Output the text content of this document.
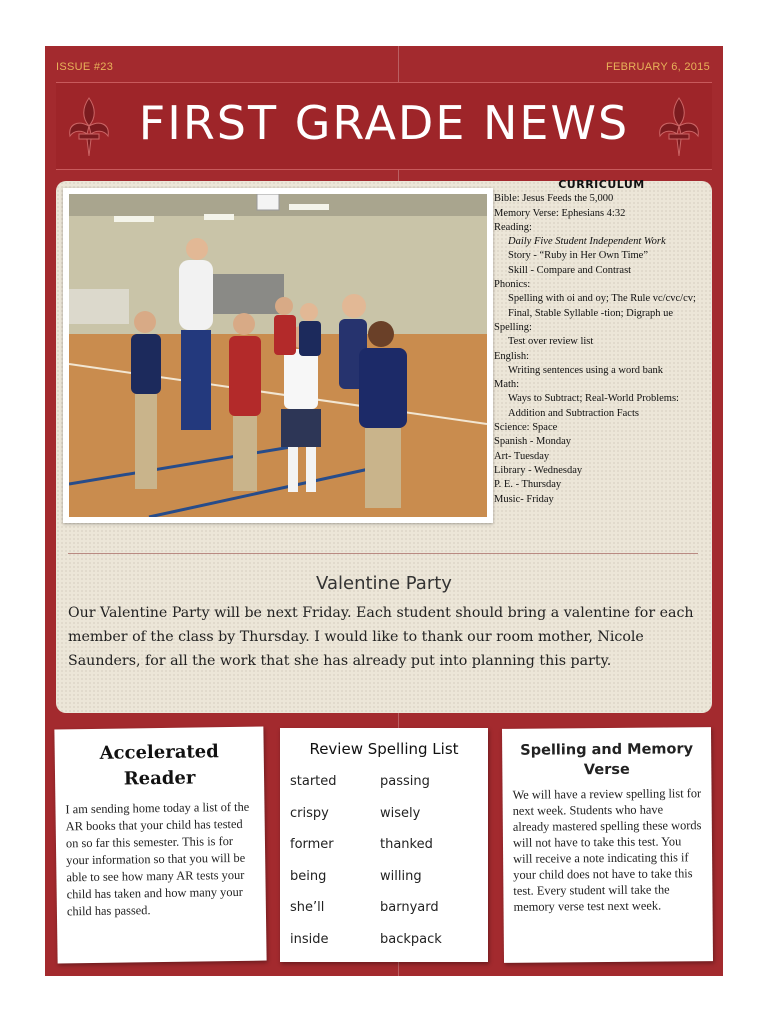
ISSUE #23	FEBRUARY 6, 2015
FIRST GRADE NEWS
CURRICULUM
Bible: Jesus Feeds the 5,000
Memory Verse: Ephesians 4:32
Reading:
Daily Five Student Independent Work
Story - “Ruby in Her Own Time”
Skill - Compare and Contrast
Phonics:
Spelling with oi and oy; The Rule vc/cvc/cv; Final, Stable Syllable -tion; Digraph ue
Spelling:
Test over review list
English:
Writing sentences using a word bank
Math:
Ways to Subtract; Real-World Problems: Addition and Subtraction Facts
Science: Space
Spanish - Monday
Art- Tuesday
Library - Wednesday
P. E. - Thursday
Music- Friday
Valentine Party
Our Valentine Party will be next Friday. Each student should bring a valentine for each member of the class by Thursday. I would like to thank our room mother, Nicole Saunders, for all the work that she has already put into planning this party.
Accelerated
Reader

I am sending home today a list of the AR books that your child has tested on so far this semester. This is for your information so that you will be able to see how many AR tests your child has taken and how many your child has passed.

Review Spelling List
started	passing
crispy	wisely
former	thanked
being	willing
she’ll	barnyard
inside	backpack
Spelling and Memory Verse

We will have a review spelling list for next week. Students who have already mastered spelling these words will not have to take this test. You will receive a note indicating this if your child does not have to take this test. Every student will take the memory verse test next week.
